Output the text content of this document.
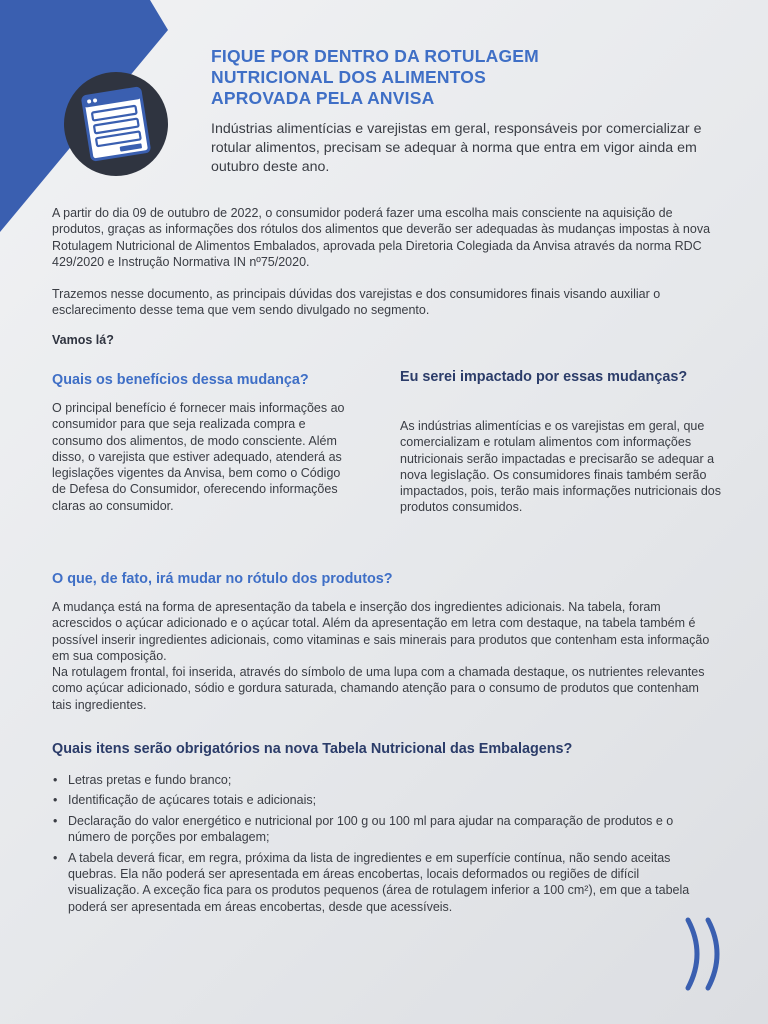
FIQUE POR DENTRO DA ROTULAGEM
NUTRICIONAL DOS ALIMENTOS
APROVADA PELA ANVISA

Indústrias alimentícias e varejistas em geral, responsáveis por comercializar e rotular alimentos, precisam se adequar à norma que entra em vigor ainda em outubro deste ano.

A partir do dia 09 de outubro de 2022, o consumidor poderá fazer uma escolha mais consciente na aquisição de produtos, graças as informações dos rótulos dos alimentos que deverão ser adequadas às mudanças impostas à nova Rotulagem Nutricional de Alimentos Embalados, aprovada pela Diretoria Colegiada da Anvisa através da norma RDC 429/2020 e Instrução Normativa IN nº75/2020.

Trazemos nesse documento, as principais dúvidas dos varejistas e dos consumidores finais visando auxiliar o esclarecimento desse tema que vem sendo divulgado no segmento.

Vamos lá?

Quais os benefícios dessa mudança?

O principal benefício é fornecer mais informações ao consumidor para que seja realizada compra e consumo dos alimentos, de modo consciente. Além disso, o varejista que estiver adequado, atenderá as legislações vigentes da Anvisa, bem como o Código de Defesa do Consumidor, oferecendo informações claras ao consumidor.

Eu serei impactado por essas mudanças?

As indústrias alimentícias e os varejistas em geral, que comercializam e rotulam alimentos com informações nutricionais serão impactadas e precisarão se adequar a nova legislação. Os consumidores finais também serão impactados, pois, terão mais informações nutricionais dos produtos consumidos.

O que, de fato, irá mudar no rótulo dos produtos?

A mudança está na forma de apresentação da tabela e inserção dos ingredientes adicionais. Na tabela, foram acrescidos o açúcar adicionado e o açúcar total. Além da apresentação em letra com destaque, na tabela também é possível inserir ingredientes adicionais, como vitaminas e sais minerais para produtos que contenham esta informação em sua composição.

Na rotulagem frontal, foi inserida, através do símbolo de uma lupa com a chamada destaque, os nutrientes relevantes como açúcar adicionado, sódio e gordura saturada, chamando atenção para o consumo de produtos que contenham tais ingredientes.

Quais itens serão obrigatórios na nova Tabela Nutricional das Embalagens?
• Letras pretas e fundo branco;
• Identificação de açúcares totais e adicionais;
• Declaração do valor energético e nutricional por 100 g ou 100 ml para ajudar na comparação de produtos e o número de porções por embalagem;
• A tabela deverá ficar, em regra, próxima da lista de ingredientes e em superfície contínua, não sendo aceitas quebras. Ela não poderá ser apresentada em áreas encobertas, locais deformados ou regiões de difícil visualização. A exceção fica para os produtos pequenos (área de rotulagem inferior a 100 cm²), em que a tabela poderá ser apresentada em áreas encobertas, desde que acessíveis.
